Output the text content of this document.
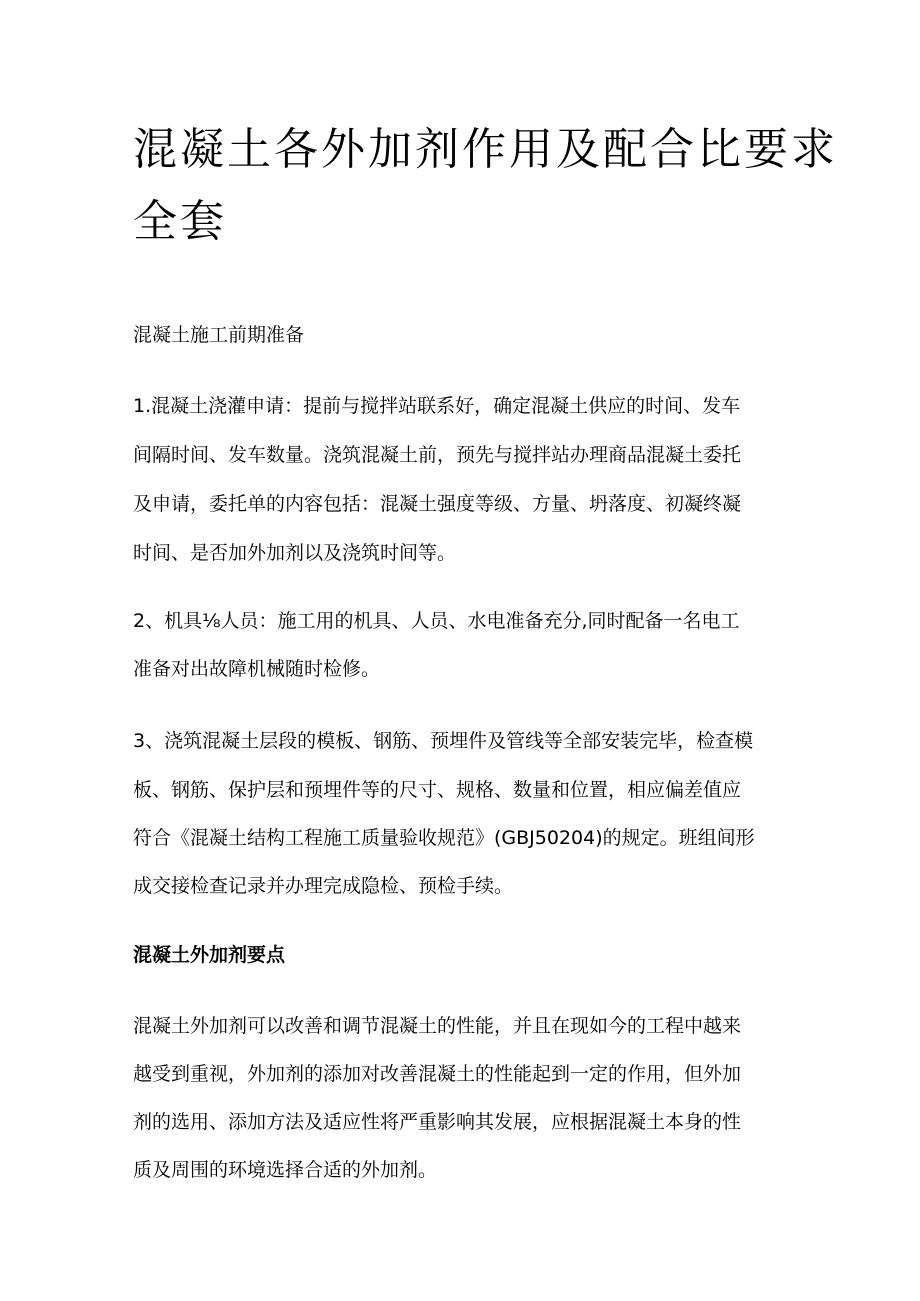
混凝土各外加剂作用及配合比要求
全套
混凝土施工前期准备
1.混凝土浇灌申请：提前与搅拌站联系好，确定混凝土供应的时间、发车
间隔时间、发车数量。浇筑混凝土前，预先与搅拌站办理商品混凝土委托
及申请，委托单的内容包括：混凝土强度等级、方量、坍落度、初凝终凝
时间、是否加外加剂以及浇筑时间等。
2、机具⅛人员：施工用的机具、人员、水电准备充分,同时配备一名电工
准备对出故障机械随时检修。
3、浇筑混凝土层段的模板、钢筋、预埋件及管线等全部安装完毕，检查模
板、钢筋、保护层和预埋件等的尺寸、规格、数量和位置，相应偏差值应
符合《混凝土结构工程施工质量验收规范》(GBJ50204)的规定。班组间形
成交接检查记录并办理完成隐检、预检手续。
混凝土外加剂要点
混凝土外加剂可以改善和调节混凝土的性能，并且在现如今的工程中越来
越受到重视，外加剂的添加对改善混凝土的性能起到一定的作用，但外加
剂的选用、添加方法及适应性将严重影响其发展，应根据混凝土本身的性
质及周围的环境选择合适的外加剂。
